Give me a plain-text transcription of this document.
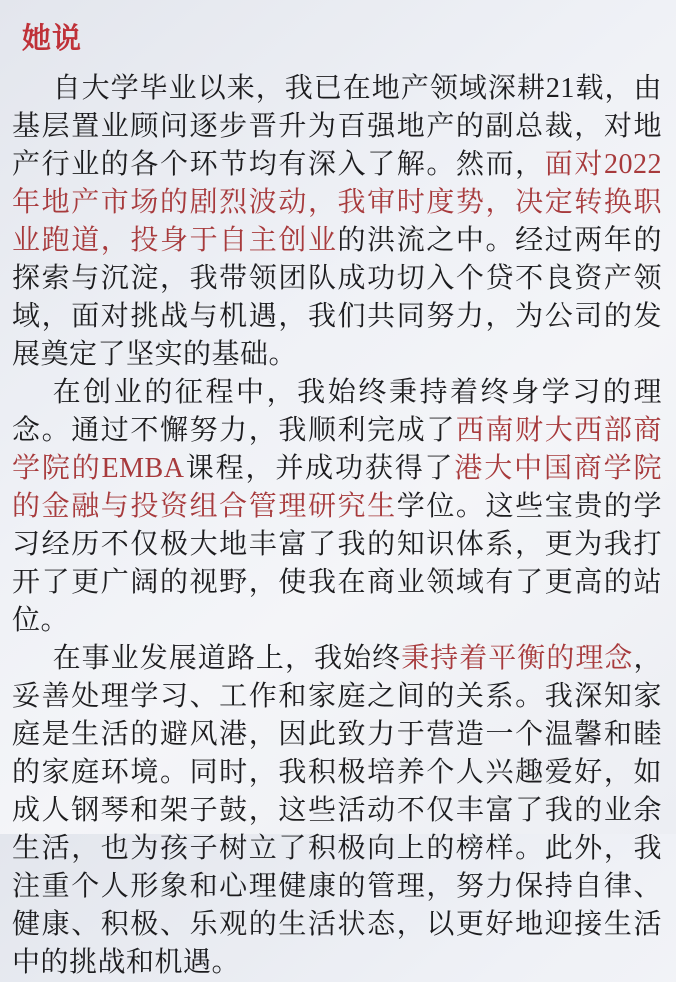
她说

自大学毕业以来，我已在地产领域深耕21载，由基层置业顾问逐步晋升为百强地产的副总裁，对地产行业的各个环节均有深入了解。然而，面对2022年地产市场的剧烈波动，我审时度势，决定转换职业跑道，投身于自主创业的洪流之中。经过两年的探索与沉淀，我带领团队成功切入个贷不良资产领域，面对挑战与机遇，我们共同努力，为公司的发展奠定了坚实的基础。

在创业的征程中，我始终秉持着终身学习的理念。通过不懈努力，我顺利完成了西南财大西部商学院的EMBA课程，并成功获得了港大中国商学院的金融与投资组合管理研究生学位。这些宝贵的学习经历不仅极大地丰富了我的知识体系，更为我打开了更广阔的视野，使我在商业领域有了更高的站位。

在事业发展道路上，我始终秉持着平衡的理念，妥善处理学习、工作和家庭之间的关系。我深知家庭是生活的避风港，因此致力于营造一个温馨和睦的家庭环境。同时，我积极培养个人兴趣爱好，如成人钢琴和架子鼓，这些活动不仅丰富了我的业余生活，也为孩子树立了积极向上的榜样。此外，我注重个人形象和心理健康的管理，努力保持自律、健康、积极、乐观的生活状态，以更好地迎接生活中的挑战和机遇。
